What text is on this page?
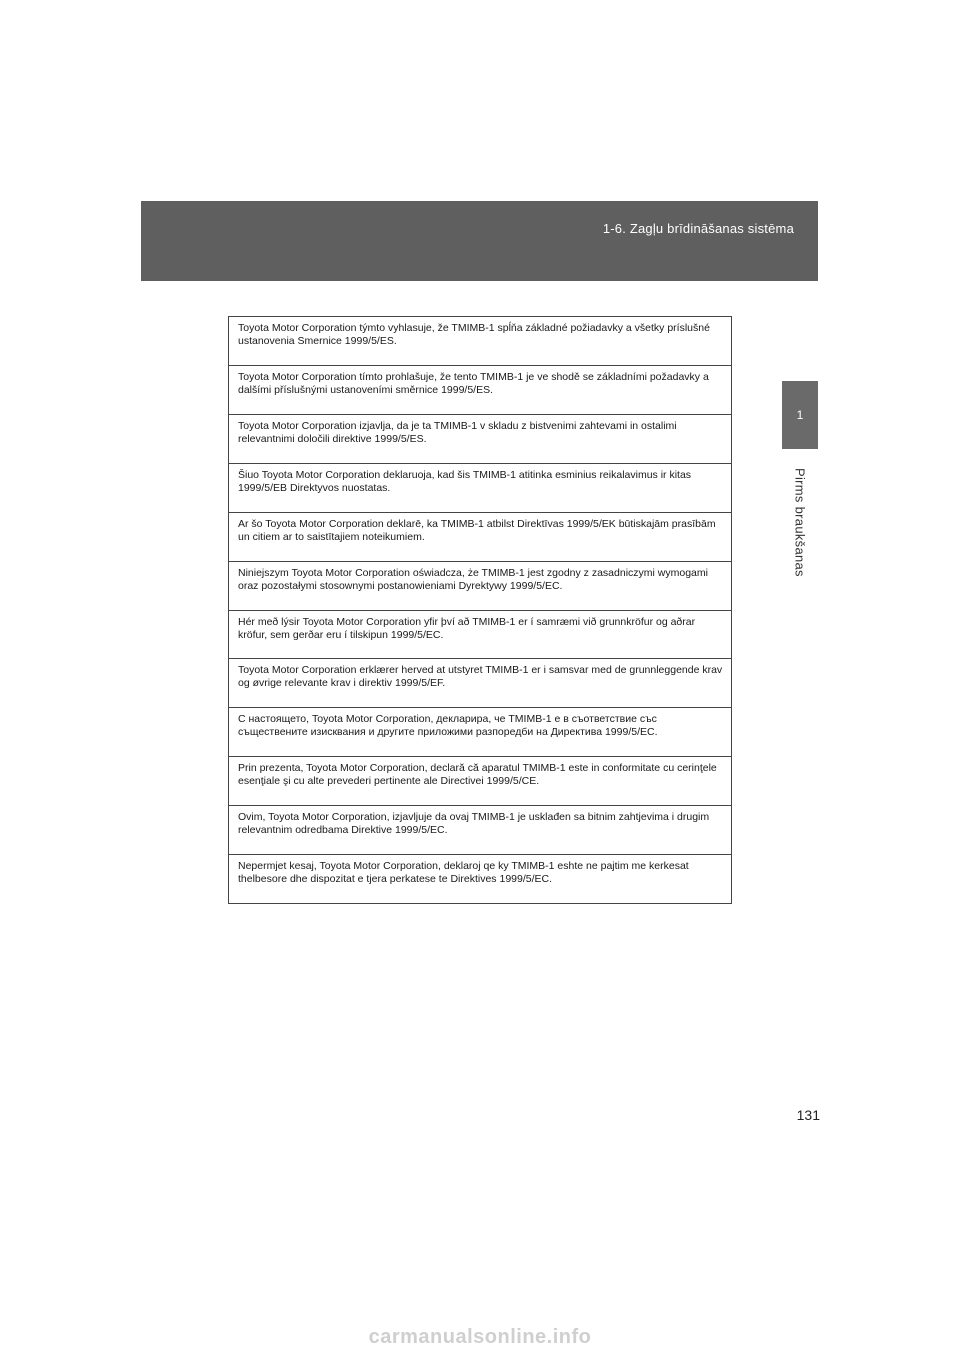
1-6. Zagļu brīdināšanas sistēma
1
Pirms braukšanas
Toyota Motor Corporation týmto vyhlasuje, že TMIMB-1 spĺňa základné požiadavky a všetky príslušné ustanovenia Smernice 1999/5/ES.
Toyota Motor Corporation tímto prohlašuje, že tento TMIMB-1 je ve shodě se základními požadavky a dalšími příslušnými ustanoveními směrnice 1999/5/ES.
Toyota Motor Corporation izjavlja, da je ta TMIMB-1 v skladu z bistvenimi zahtevami in ostalimi relevantnimi določili direktive 1999/5/ES.
Šiuo Toyota Motor Corporation deklaruoja, kad šis TMIMB-1 atitinka esminius reikalavimus ir kitas 1999/5/EB Direktyvos nuostatas.
Ar šo Toyota Motor Corporation deklarē, ka TMIMB-1 atbilst Direktīvas 1999/5/EK būtiskajām prasībām un citiem ar to saistītajiem noteikumiem.
Niniejszym Toyota Motor Corporation oświadcza, że TMIMB-1 jest zgodny z zasadniczymi wymogami oraz pozostałymi stosownymi postanowieniami Dyrektywy 1999/5/EC.
Hér með lýsir Toyota Motor Corporation yfir því að TMIMB-1 er í samræmi við grunnkröfur og aðrar kröfur, sem gerðar eru í tilskipun 1999/5/EC.
Toyota Motor Corporation erklærer herved at utstyret TMIMB-1 er i samsvar med de grunnleggende krav og øvrige relevante krav i direktiv 1999/5/EF.
С настоящето, Toyota Motor Corporation, декларира, че TMIMB-1 е в съответствие със съществените изисквания и другите приложими разпоредби на Директива 1999/5/EC.
Prin prezenta, Toyota Motor Corporation, declară că aparatul TMIMB-1 este in conformitate cu cerinţele esenţiale şi cu alte prevederi pertinente ale Directivei 1999/5/CE.
Ovim, Toyota Motor Corporation, izjavljuje da ovaj TMIMB-1 je usklađen sa bitnim zahtjevima i drugim relevantnim odredbama Direktive 1999/5/EC.
Nepermjet kesaj, Toyota Motor Corporation, deklaroj qe ky TMIMB-1 eshte ne pajtim me kerkesat thelbesore dhe dispozitat e tjera perkatese te Direktives 1999/5/EC.
131
carmanualsonline.info
